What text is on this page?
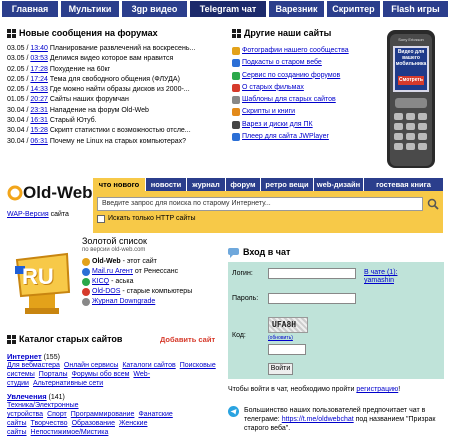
Главная	Мультики	3gp видео	Telegram чат	Варезник	Скриптер	Flash игры
Новые сообщения на форумах
03.05 / 13:40 Планирование развлечений на воскресень...
03.05 / 03:53 Делимся видео которое вам нравится
02.05 / 17:28 Похудение на 60кг
02.05 / 17:24 Тема для свободного общения (ФЛУДА)
02.05 / 14:33 Где можно найти образы дисков из 2000-...
01.05 / 20:27 Сайты наших форумчан
30.04 / 23:31 Нападение на форум Old-Web
30.04 / 16:31 Старый Ютуб.
30.04 / 15:28 Скрипт статистики с возможностью отсле...
30.04 / 06:31 Почему не Linux на старых компьютерах?
Другие наши сайты
Фотографии нашего сообщества
Подкасты о старом вебе
Сервис по созданию форумов
О старых фильмах
Шаблоны для старых сайтов
Скрипты и книги
Варез и диски для ПК
Плеер для сайта JWPlayer
Sony Ericsson
Видео для вашего мобильника
Смотреть
Old-Web
WAP-Версия сайта
что нового	новости	журнал	форум	ретро вещи	web-дизайн	гостевая книга
Введите запрос для поиска по старому Интернету...
Искать только HTTP сайты
RU
Золотой список
по версии old-web.com
Old-Web - этот сайт
Mail.ru Агент от Ренессанс
KICQ - аська
Old-DOS - старые компьютеры
Журнал Downgrade
Вход в чат
Логин:
Пароль:
Код:
UFA8H
(обновить)
Войти
В чате (1):
yamashin
Чтобы войти в чат, необходимо пройти регистрацию!
Большинство наших пользователей предпочитает чат в телеграме: https://t.me/oldwebchat под названием "Призрак старого веба".
Каталог старых сайтов	Добавить сайт
Интернет (155)
Для вебмастера Онлайн сервисы Каталоги сайтов Поисковые системы Порталы Форумы обо всем Web-студии Альтернативные сети
Увлечения (141)
Техника/Электронные устройства Спорт Программирование Фанатские сайты Творчество Образование Женские сайты Непостижимое/Мистика
